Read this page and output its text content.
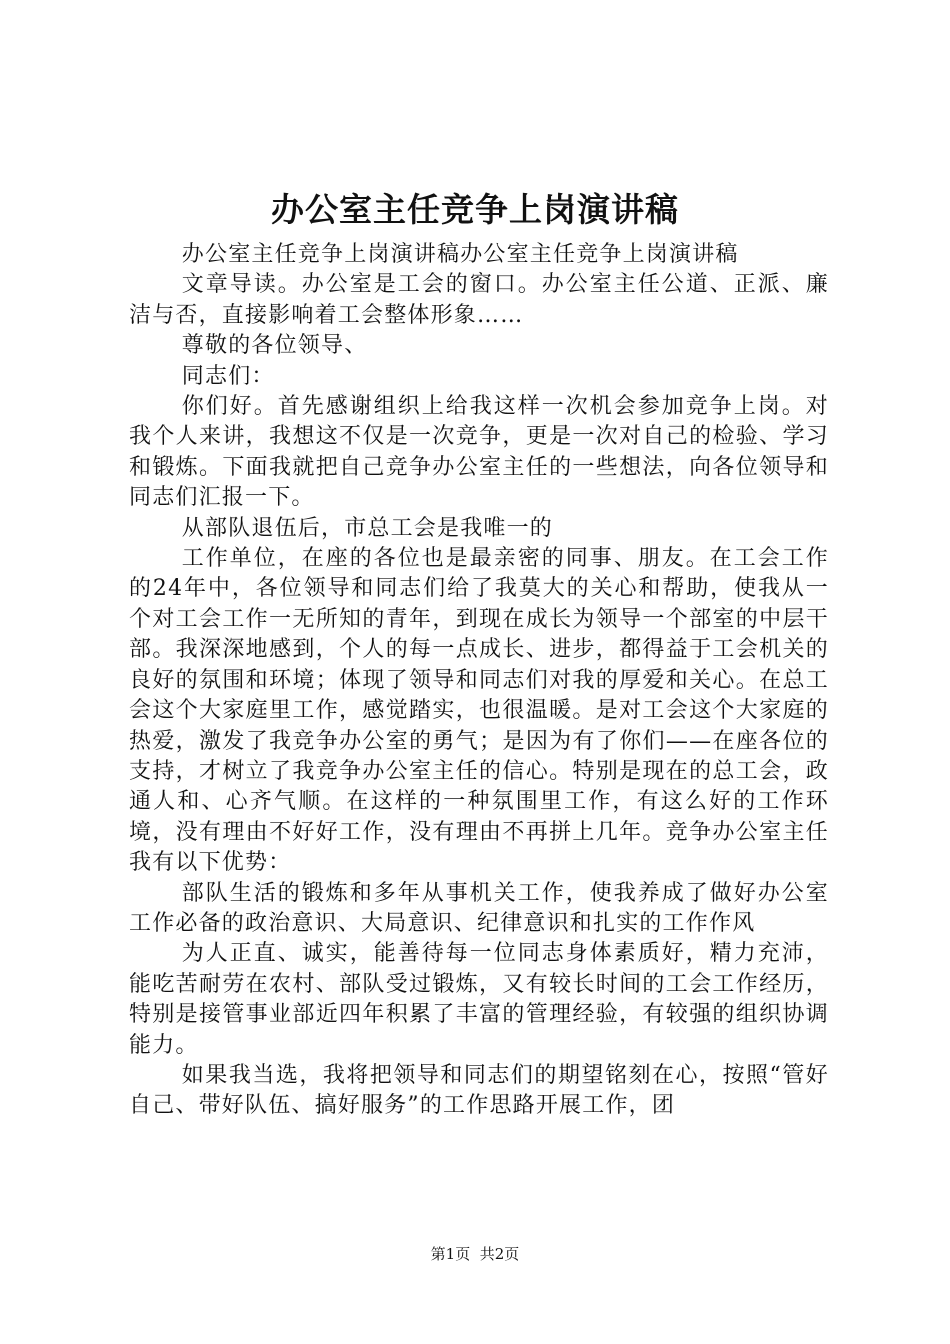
办公室主任竞争上岗演讲稿

办公室主任竞争上岗演讲稿办公室主任竞争上岗演讲稿

文章导读。办公室是工会的窗口。办公室主任公道、正派、廉洁与否，直接影响着工会整体形象……

尊敬的各位领导、

同志们：

你们好。首先感谢组织上给我这样一次机会参加竞争上岗。对我个人来讲，我想这不仅是一次竞争，更是一次对自己的检验、学习和锻炼。下面我就把自己竞争办公室主任的一些想法，向各位领导和同志们汇报一下。

从部队退伍后，市总工会是我唯一的

工作单位，在座的各位也是最亲密的同事、朋友。在工会工作的24年中，各位领导和同志们给了我莫大的关心和帮助，使我从一个对工会工作一无所知的青年，到现在成长为领导一个部室的中层干部。我深深地感到，个人的每一点成长、进步，都得益于工会机关的良好的氛围和环境；体现了领导和同志们对我的厚爱和关心。在总工会这个大家庭里工作，感觉踏实，也很温暖。是对工会这个大家庭的热爱，激发了我竞争办公室的勇气；是因为有了你们——在座各位的支持，才树立了我竞争办公室主任的信心。特别是现在的总工会，政通人和、心齐气顺。在这样的一种氛围里工作，有这么好的工作环境，没有理由不好好工作，没有理由不再拼上几年。竞争办公室主任我有以下优势：

部队生活的锻炼和多年从事机关工作，使我养成了做好办公室工作必备的政治意识、大局意识、纪律意识和扎实的工作作风

为人正直、诚实，能善待每一位同志身体素质好，精力充沛，能吃苦耐劳在农村、部队受过锻炼，又有较长时间的工会工作经历，特别是接管事业部近四年积累了丰富的管理经验，有较强的组织协调能力。

如果我当选，我将把领导和同志们的期望铭刻在心，按照“管好自己、带好队伍、搞好服务”的工作思路开展工作，团

第1页 共2页
